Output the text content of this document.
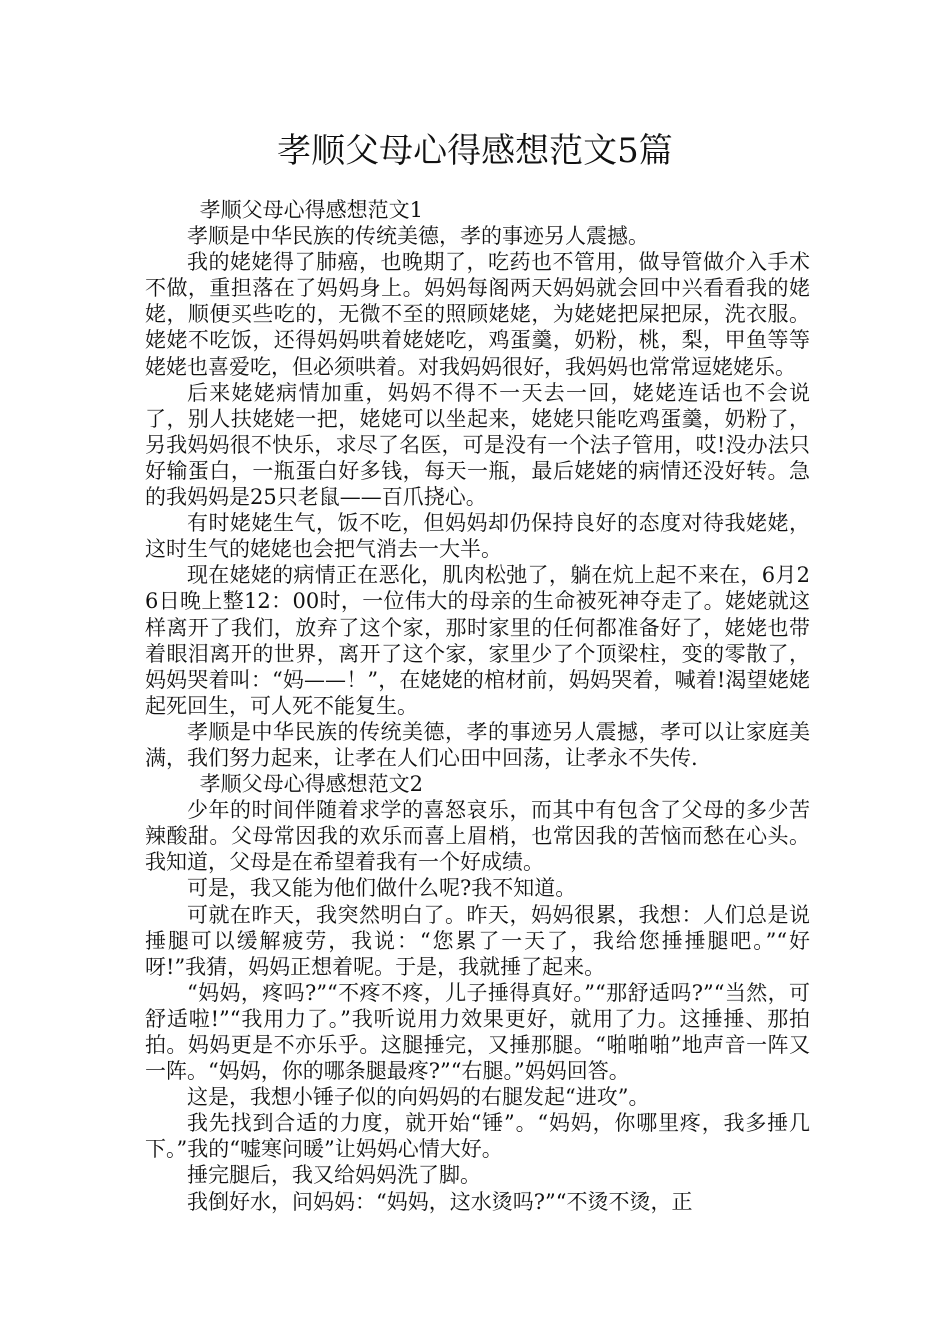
孝顺父母心得感想范文5篇

孝顺父母心得感想范文1

孝顺是中华民族的传统美德，孝的事迹另人震撼。

我的姥姥得了肺癌，也晚期了，吃药也不管用，做导管做介入手术不做，重担落在了妈妈身上。妈妈每阁两天妈妈就会回中兴看看我的姥姥，顺便买些吃的，无微不至的照顾姥姥，为姥姥把屎把尿，洗衣服。姥姥不吃饭，还得妈妈哄着姥姥吃，鸡蛋羹，奶粉，桃，梨，甲鱼等等姥姥也喜爱吃，但必须哄着。对我妈妈很好，我妈妈也常常逗姥姥乐。

后来姥姥病情加重，妈妈不得不一天去一回，姥姥连话也不会说了，别人扶姥姥一把，姥姥可以坐起来，姥姥只能吃鸡蛋羹，奶粉了，另我妈妈很不快乐，求尽了名医，可是没有一个法子管用，哎!没办法只好输蛋白，一瓶蛋白好多钱，每天一瓶，最后姥姥的病情还没好转。急的我妈妈是25只老鼠——百爪挠心。

有时姥姥生气，饭不吃，但妈妈却仍保持良好的态度对待我姥姥，这时生气的姥姥也会把气消去一大半。

现在姥姥的病情正在恶化，肌肉松弛了，躺在炕上起不来在，6月26日晚上整12：00时，一位伟大的母亲的生命被死神夺走了。姥姥就这样离开了我们，放弃了这个家，那时家里的任何都准备好了，姥姥也带着眼泪离开的世界，离开了这个家，家里少了个顶梁柱，变的零散了，妈妈哭着叫：“妈——！”，在姥姥的棺材前，妈妈哭着，喊着!渴望姥姥起死回生，可人死不能复生。

孝顺是中华民族的传统美德，孝的事迹另人震撼，孝可以让家庭美满，我们努力起来，让孝在人们心田中回荡，让孝永不失传.

孝顺父母心得感想范文2

少年的时间伴随着求学的喜怒哀乐，而其中有包含了父母的多少苦辣酸甜。父母常因我的欢乐而喜上眉梢，也常因我的苦恼而愁在心头。我知道，父母是在希望着我有一个好成绩。

可是，我又能为他们做什么呢?我不知道。

可就在昨天，我突然明白了。昨天，妈妈很累，我想：人们总是说捶腿可以缓解疲劳，我说：“您累了一天了，我给您捶捶腿吧。”“好呀!”我猜，妈妈正想着呢。于是，我就捶了起来。

“妈妈，疼吗?”“不疼不疼，儿子捶得真好。”“那舒适吗?”“当然，可舒适啦!”“我用力了。”我听说用力效果更好，就用了力。这捶捶、那拍拍。妈妈更是不亦乐乎。这腿捶完，又捶那腿。“啪啪啪”地声音一阵又一阵。“妈妈，你的哪条腿最疼?”“右腿。”妈妈回答。

这是，我想小锤子似的向妈妈的右腿发起“进攻”。

我先找到合适的力度，就开始“锤”。“妈妈，你哪里疼，我多捶几下。”我的“嘘寒问暖”让妈妈心情大好。

捶完腿后，我又给妈妈洗了脚。

我倒好水，问妈妈：“妈妈，这水烫吗?”“不烫不烫，正
